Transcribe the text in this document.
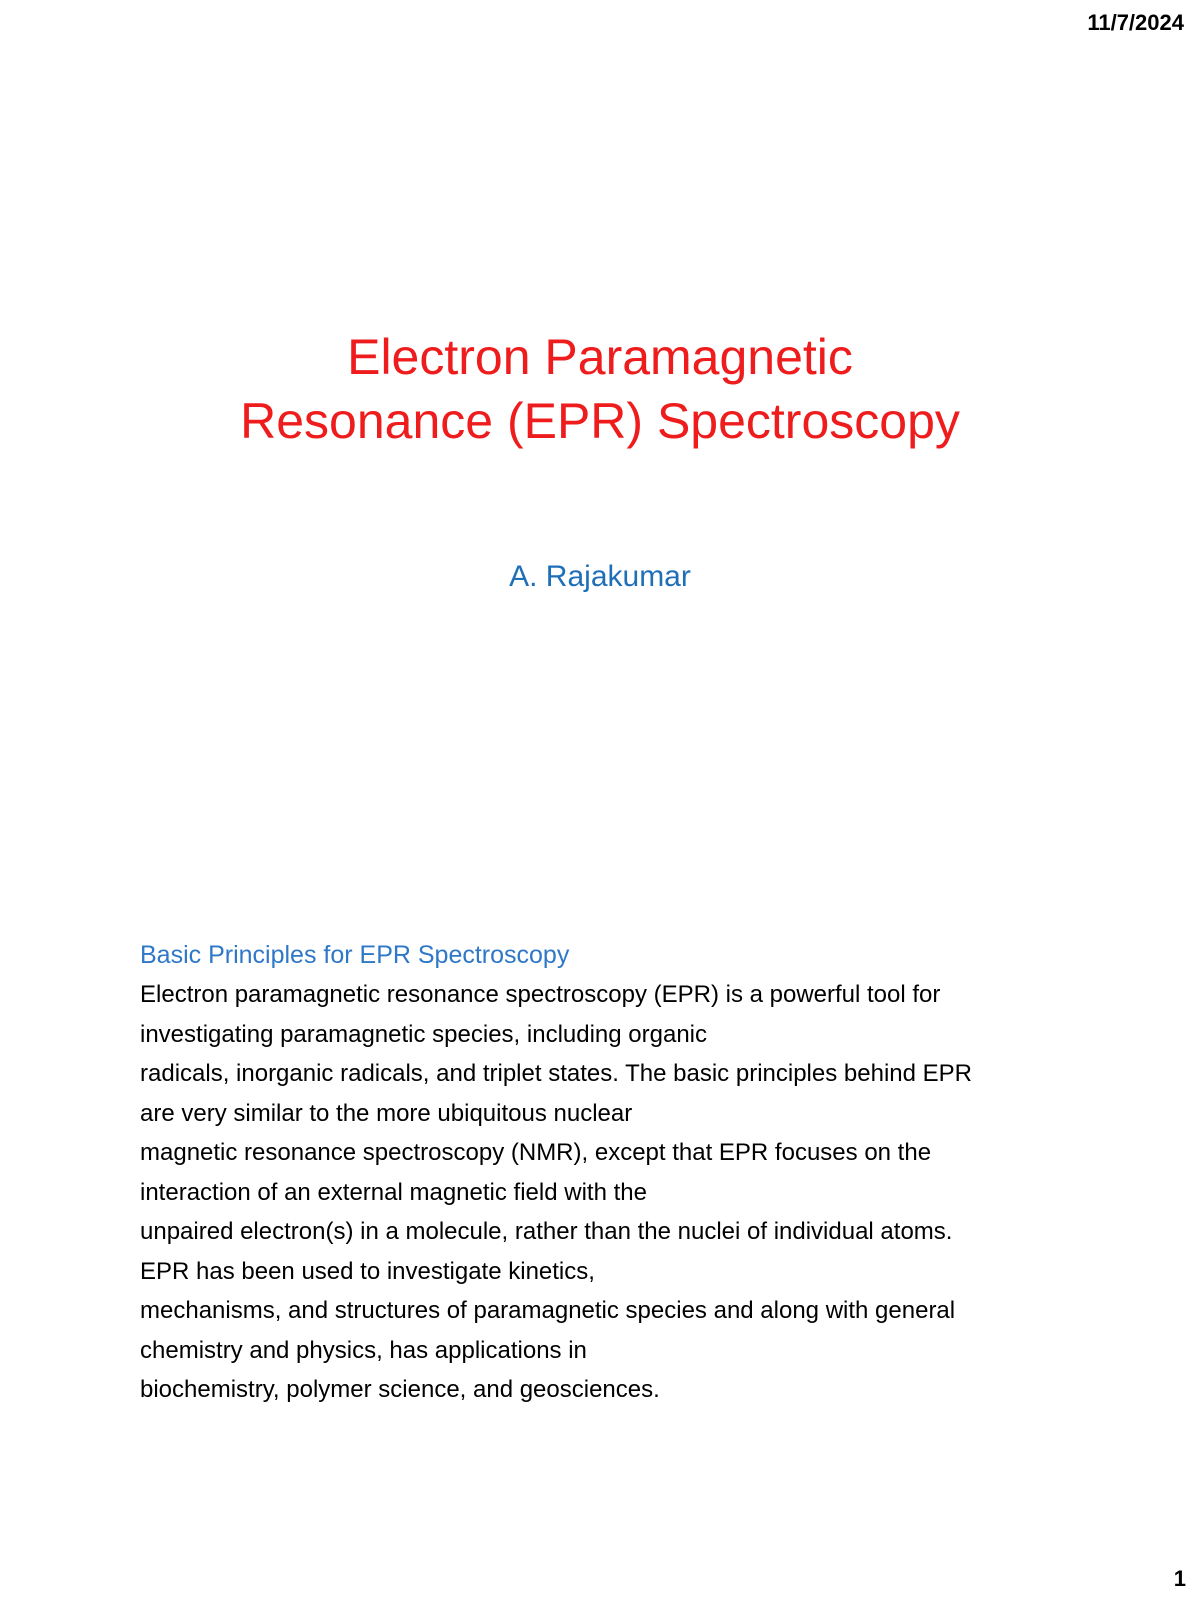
11/7/2024
Electron Paramagnetic
Resonance (EPR) Spectroscopy
A. Rajakumar
Basic Principles for EPR Spectroscopy
Electron paramagnetic resonance spectroscopy (EPR) is a powerful tool for
investigating paramagnetic species, including organic
radicals, inorganic radicals, and triplet states. The basic principles behind EPR
are very similar to the more ubiquitous nuclear
magnetic resonance spectroscopy (NMR), except that EPR focuses on the
interaction of an external magnetic field with the
unpaired electron(s) in a molecule, rather than the nuclei of individual atoms.
EPR has been used to investigate kinetics,
mechanisms, and structures of paramagnetic species and along with general
chemistry and physics, has applications in
biochemistry, polymer science, and geosciences.
1
